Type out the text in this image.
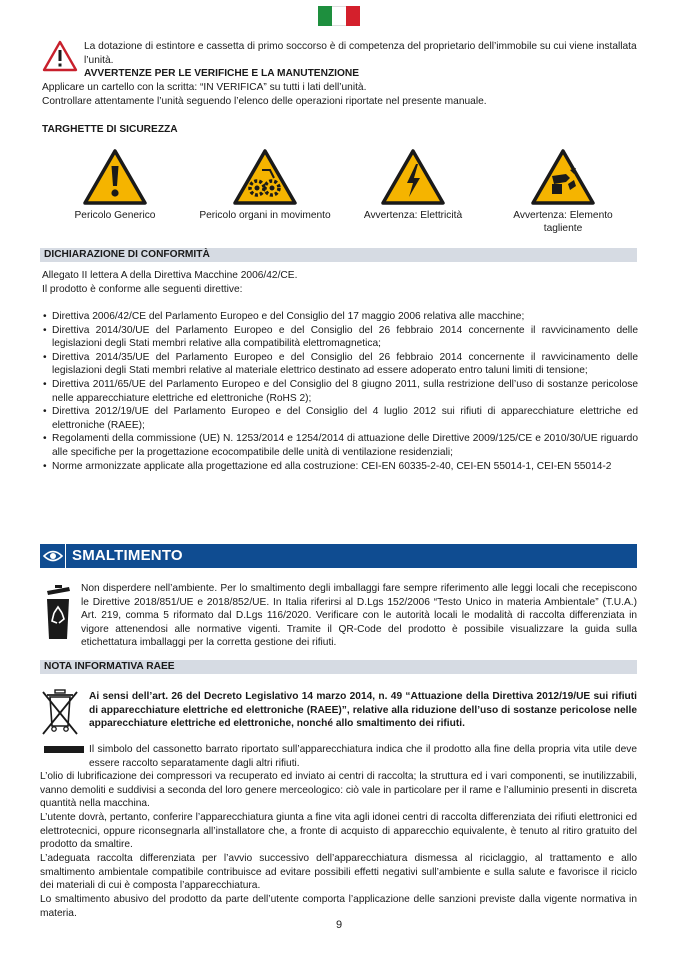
La dotazione di estintore e cassetta di primo soccorso è di competenza del proprietario dell’immobile su cui viene installata l’unità.

AVVERTENZE PER LE VERIFICHE E LA MANUTENZIONE

Applicare un cartello con la scritta: “IN VERIFICA” su tutti i lati dell’unità.

Controllare attentamente l’unità seguendo l’elenco delle operazioni riportate nel presente manuale.

TARGHETTE DI SICUREZZA

Pericolo Generico	Pericolo organi in movimento	Avvertenza: Elettricità	Avvertenza: Elemento tagliente
DICHIARAZIONE DI CONFORMITÀ

Allegato II lettera A della Direttiva Macchine 2006/42/CE.

Il prodotto è conforme alle seguenti direttive:

• Direttiva 2006/42/CE del Parlamento Europeo e del Consiglio del 17 maggio 2006 relativa alle macchine;
• Direttiva 2014/30/UE del Parlamento Europeo e del Consiglio del 26 febbraio 2014 concernente il ravvicinamento delle legislazioni degli Stati membri relative alla compatibilità elettromagnetica;
• Direttiva 2014/35/UE del Parlamento Europeo e del Consiglio del 26 febbraio 2014 concernente il ravvicinamento delle legislazioni degli Stati membri relative al materiale elettrico destinato ad essere adoperato entro taluni limiti di tensione;
• Direttiva 2011/65/UE del Parlamento Europeo e del Consiglio del 8 giugno 2011, sulla restrizione dell’uso di sostanze pericolose nelle apparecchiature elettriche ed elettroniche (RoHS 2);
• Direttiva 2012/19/UE del Parlamento Europeo e del Consiglio del 4 luglio 2012 sui rifiuti di apparecchiature elettriche ed elettroniche (RAEE);
• Regolamenti della commissione (UE) N. 1253/2014 e 1254/2014 di attuazione delle Direttive 2009/125/CE e 2010/30/UE riguardo alle specifiche per la progettazione ecocompatibile delle unità di ventilazione residenziali;
• Norme armonizzate applicate alla progettazione ed alla costruzione: CEI-EN 60335-2-40, CEI-EN 55014-1, CEI-EN 55014-2
SMALTIMENTO

Non disperdere nell’ambiente. Per lo smaltimento degli imballaggi fare sempre riferimento alle leggi locali che recepiscono le Direttive 2018/851/UE e 2018/852/UE. In Italia riferirsi al D.Lgs 152/2006 “Testo Unico in materia Ambientale” (T.U.A.) Art. 219, comma 5 riformato dal D.Lgs 116/2020. Verificare con le autorità locali le modalità di raccolta differenziata in vigore attenendosi alle normative vigenti. Tramite il QR-Code del prodotto è possibile visualizzare la guida sulla etichettatura imballaggi per la corretta gestione dei rifiuti.

NOTA INFORMATIVA RAEE

Ai sensi dell’art. 26 del Decreto Legislativo 14 marzo 2014, n. 49 “Attuazione della Direttiva 2012/19/UE sui rifiuti di apparecchiature elettriche ed elettroniche (RAEE)”, relative alla riduzione dell’uso di sostanze pericolose nelle apparecchiature elettriche ed elettroniche, nonché allo smaltimento dei rifiuti.

Il simbolo del cassonetto barrato riportato sull’apparecchiatura indica che il prodotto alla fine della propria vita utile deve essere raccolto separatamente dagli altri rifiuti.

L’olio di lubrificazione dei compressori va recuperato ed inviato ai centri di raccolta; la struttura ed i vari componenti, se inutilizzabili, vanno demoliti e suddivisi a seconda del loro genere merceologico: ciò vale in particolare per il rame e l’alluminio presenti in discreta quantità nella macchina.

L’utente dovrà, pertanto, conferire l’apparecchiatura giunta a fine vita agli idonei centri di raccolta differenziata dei rifiuti elettronici ed elettrotecnici, oppure riconsegnarla all’installatore che, a fronte di acquisto di apparecchio equivalente, è tenuto al ritiro gratuito del prodotto da smaltire.

L’adeguata raccolta differenziata per l’avvio successivo dell’apparecchiatura dismessa al riciclaggio, al trattamento e allo smaltimento ambientale compatibile contribuisce ad evitare possibili effetti negativi sull’ambiente e sulla salute e favorisce il riciclo dei materiali di cui è composta l’apparecchiatura.

Lo smaltimento abusivo del prodotto da parte dell’utente comporta l’applicazione delle sanzioni previste dalla vigente normativa in materia.

9
